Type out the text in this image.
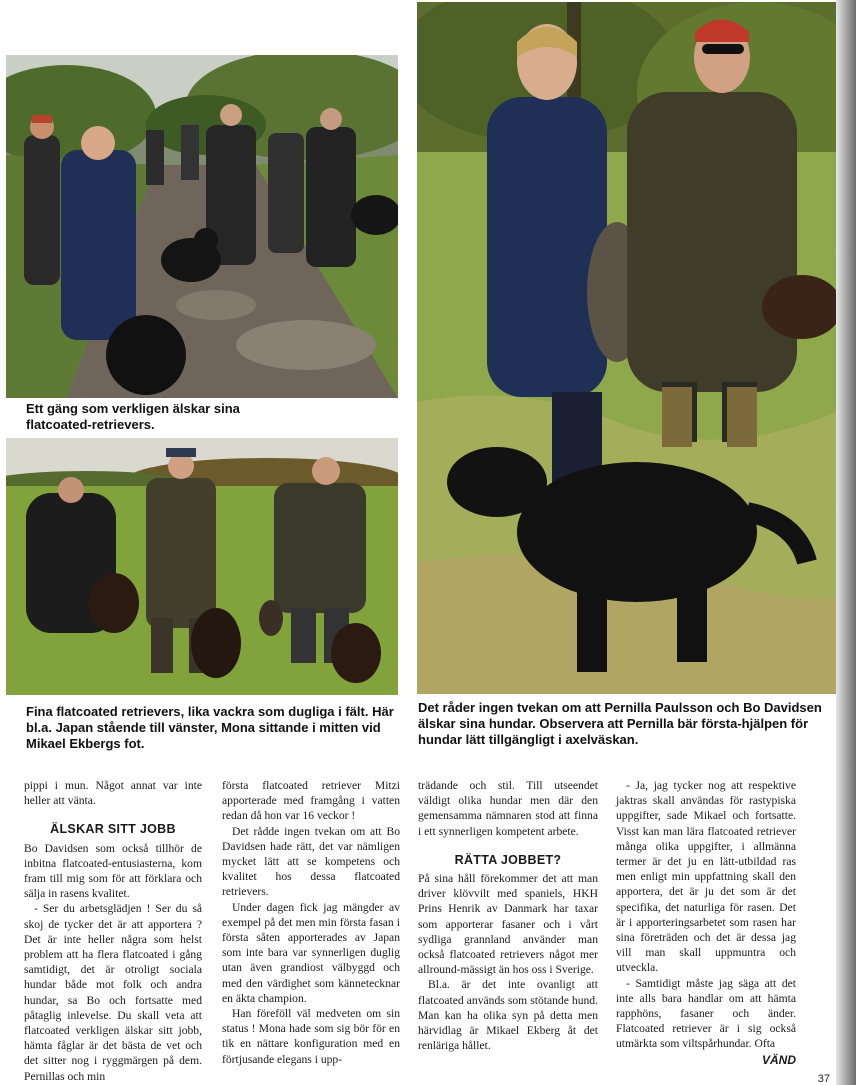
Ett gäng som verkligen älskar sina flatcoated-retrievers.

Fina flatcoated retrievers, lika vackra som dugliga i fält. Här bl.a. Japan stående till vänster, Mona sittande i mitten vid Mikael Ekbergs fot.

Det råder ingen tvekan om att Pernilla Paulsson och Bo Davidsen älskar sina hundar. Observera att Pernilla bär första-hjälpen för hundar lätt tillgängligt i axelväskan.

pippi i mun. Något annat var inte heller att vänta.

ÄLSKAR SITT JOBB

Bo Davidsen som också tillhör de inbitna flatcoated-entusiasterna, kom fram till mig som för att förklara och sälja in rasens kvalitet.

- Ser du arbetsglädjen ! Ser du så skoj de tycker det är att apportera ? Det är inte heller några som helst problem att ha flera flatcoated i gång samtidigt, det är otroligt sociala hundar både mot folk och andra hundar, sa Bo och fortsatte med påtaglig inlevelse. Du skall veta att flatcoated verkligen älskar sitt jobb, hämta fåglar är det bästa de vet och det sitter nog i ryggmärgen på dem. Pernillas och min

första flatcoated retriever Mitzi apporterade med framgång i vatten redan då hon var 16 veckor !

Det rådde ingen tvekan om att Bo Davidsen hade rätt, det var nämligen mycket lätt att se kompetens och kvalitet hos dessa flatcoated retrievers.

Under dagen fick jag mängder av exempel på det men min första fasan i första såten apporterades av Japan som inte bara var synnerligen duglig utan även grandiost välbyggd och med den värdighet som kännetecknar en äkta champion.

Han föreföll väl medveten om sin status ! Mona hade som sig bör för en tik en nättare konfiguration med en förtjusande elegans i upp-

trädande och stil. Till utseendet väldigt olika hundar men där den gemensamma nämnaren stod att finna i ett synnerligen kompetent arbete.

RÄTTA JOBBET?

På sina håll förekommer det att man driver klövvilt med spaniels, HKH Prins Henrik av Danmark har taxar som apporterar fasaner och i vårt sydliga grannland använder man också flatcoated retrievers något mer allround-mässigt än hos oss i Sverige.

Bl.a. är det inte ovanligt att flatcoated används som stötande hund. Man kan ha olika syn på detta men härvidlag är Mikael Ekberg åt det renläriga hållet.

- Ja, jag tycker nog att respektive jaktras skall användas för rastypiska uppgifter, sade Mikael och fortsatte. Visst kan man lära flatcoated retriever många olika uppgifter, i allmänna termer är det ju en lätt-utbildad ras men enligt min uppfattning skall den apportera, det är ju det som är det specifika, det naturliga för rasen. Det är i apporteringsarbetet som rasen har sina företräden och det är dessa jag vill man skall uppmuntra och utveckla.

- Samtidigt måste jag säga att det inte alls bara handlar om att hämta rapphöns, fasaner och änder. Flatcoated retriever är i sig också utmärkta som viltspårhundar. Ofta

VÄND
37
